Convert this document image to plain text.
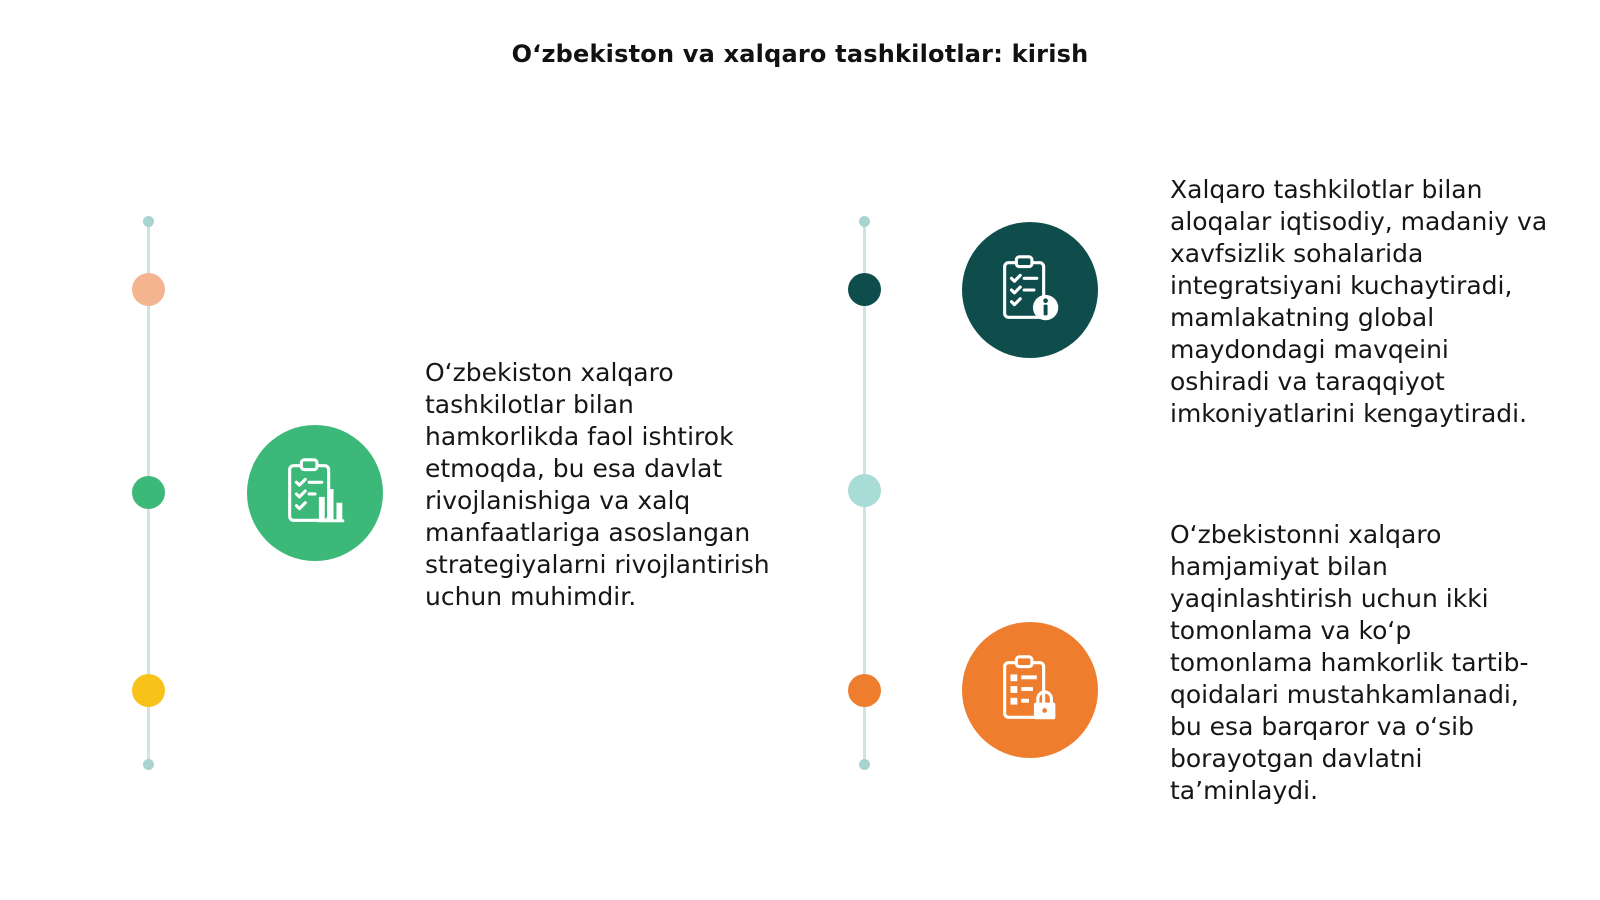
O‘zbekiston va xalqaro tashkilotlar: kirish
O‘zbekiston xalqaro tashkilotlar bilan hamkorlikda faol ishtirok etmoqda, bu esa davlat rivojlanishiga va xalq manfaatlariga asoslangan strategiyalarni rivojlantirish uchun muhimdir.
Xalqaro tashkilotlar bilan aloqalar iqtisodiy, madaniy va xavfsizlik sohalarida integratsiyani kuchaytiradi, mamlakatning global maydondagi mavqeini oshiradi va taraqqiyot imkoniyatlarini kengaytiradi.
O‘zbekistonni xalqaro hamjamiyat bilan yaqinlashtirish uchun ikki tomonlama va ko‘p tomonlama hamkorlik tartib-qoidalari mustahkamlanadi, bu esa barqaror va o‘sib borayotgan davlatni ta’minlaydi.
